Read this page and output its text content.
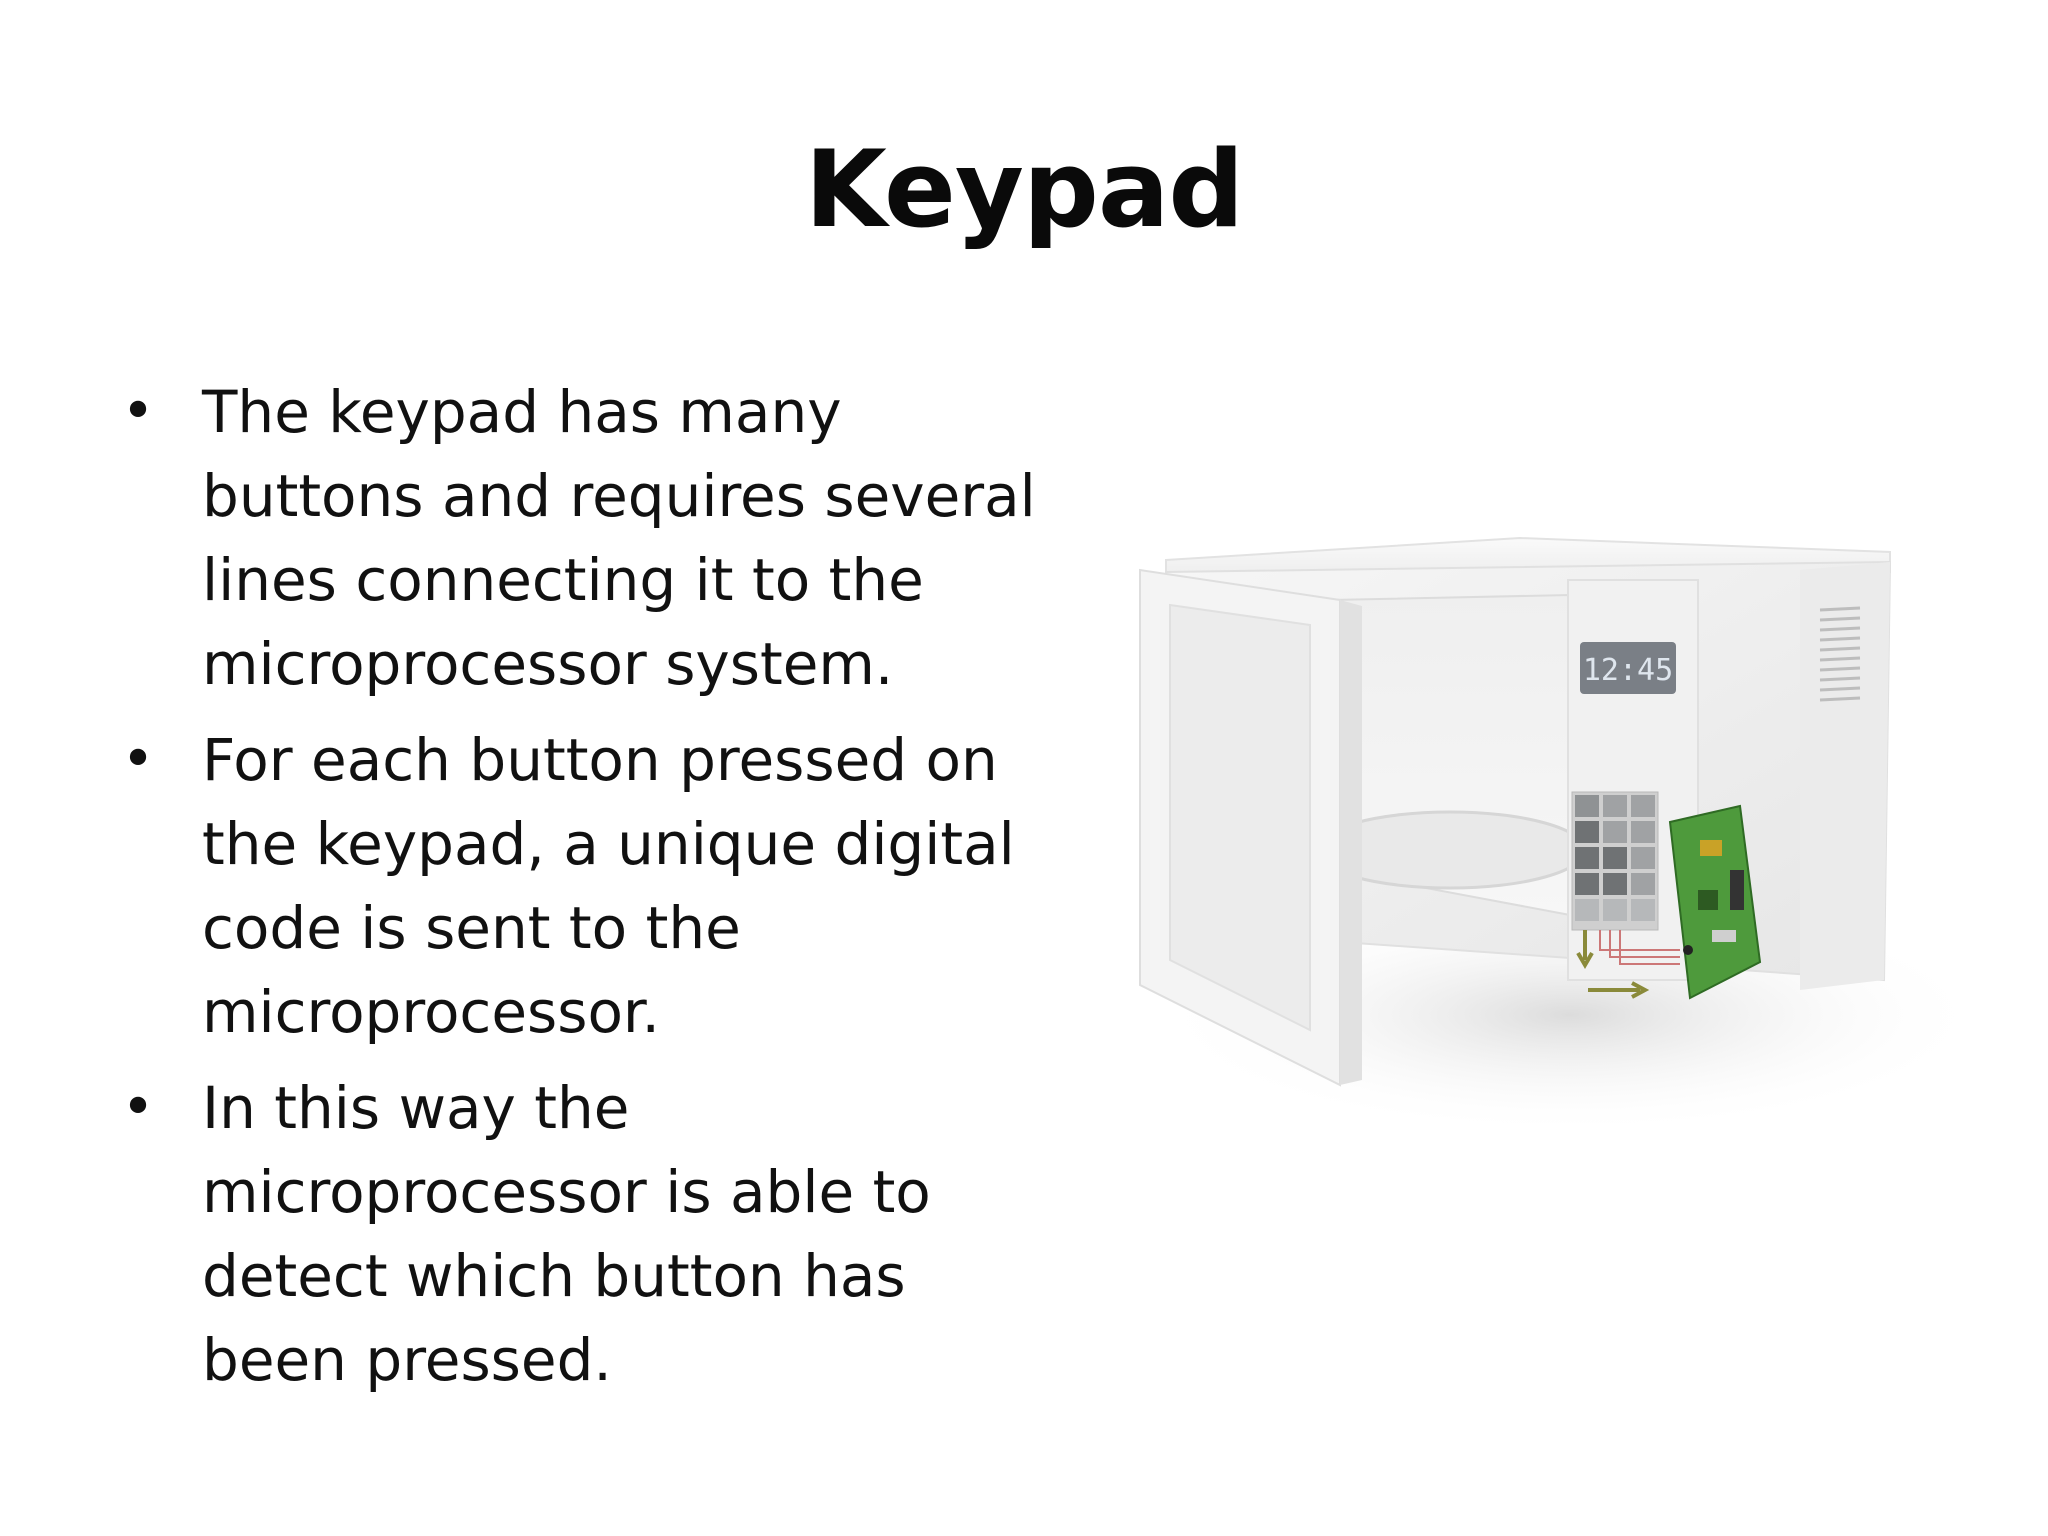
Keypad
• The keypad has many buttons and requires several lines connecting it to the microprocessor system.
• For each button pressed on the keypad, a unique digital code is sent to the microprocessor.
• In this way the microprocessor is able to detect which button has been pressed.
12:45
